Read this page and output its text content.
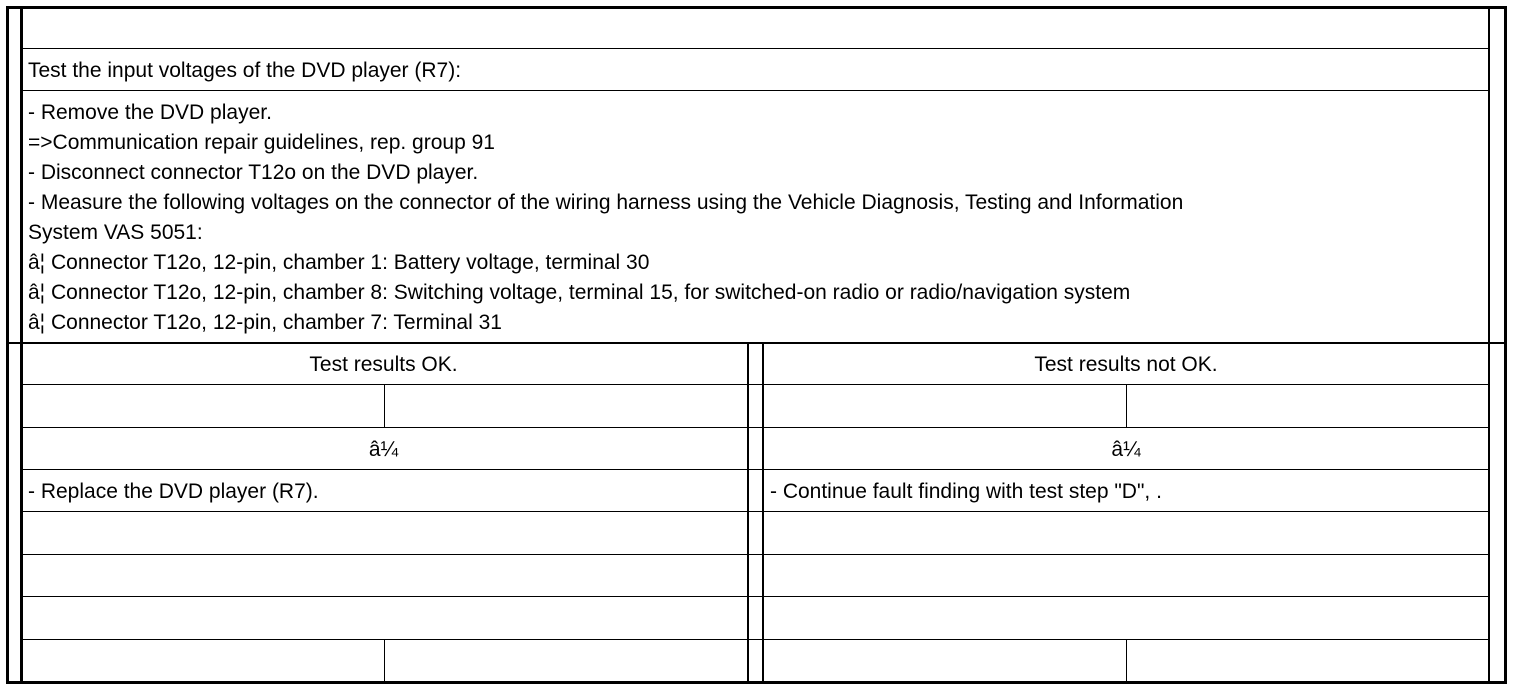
Test the input voltages of the DVD player (R7):
- Remove the DVD player.
=>Communication repair guidelines, rep. group 91
- Disconnect connector T12o on the DVD player.
- Measure the following voltages on the connector of the wiring harness using the Vehicle Diagnosis, Testing and Information
System VAS 5051:
â¦ Connector T12o, 12-pin, chamber 1: Battery voltage, terminal 30
â¦ Connector T12o, 12-pin, chamber 8: Switching voltage, terminal 15, for switched-on radio or radio/navigation system
â¦ Connector T12o, 12-pin, chamber 7: Terminal 31
Test results OK.	Test results not OK.
â¼	â¼
- Replace the DVD player (R7).	- Continue fault finding with test step "D", .
